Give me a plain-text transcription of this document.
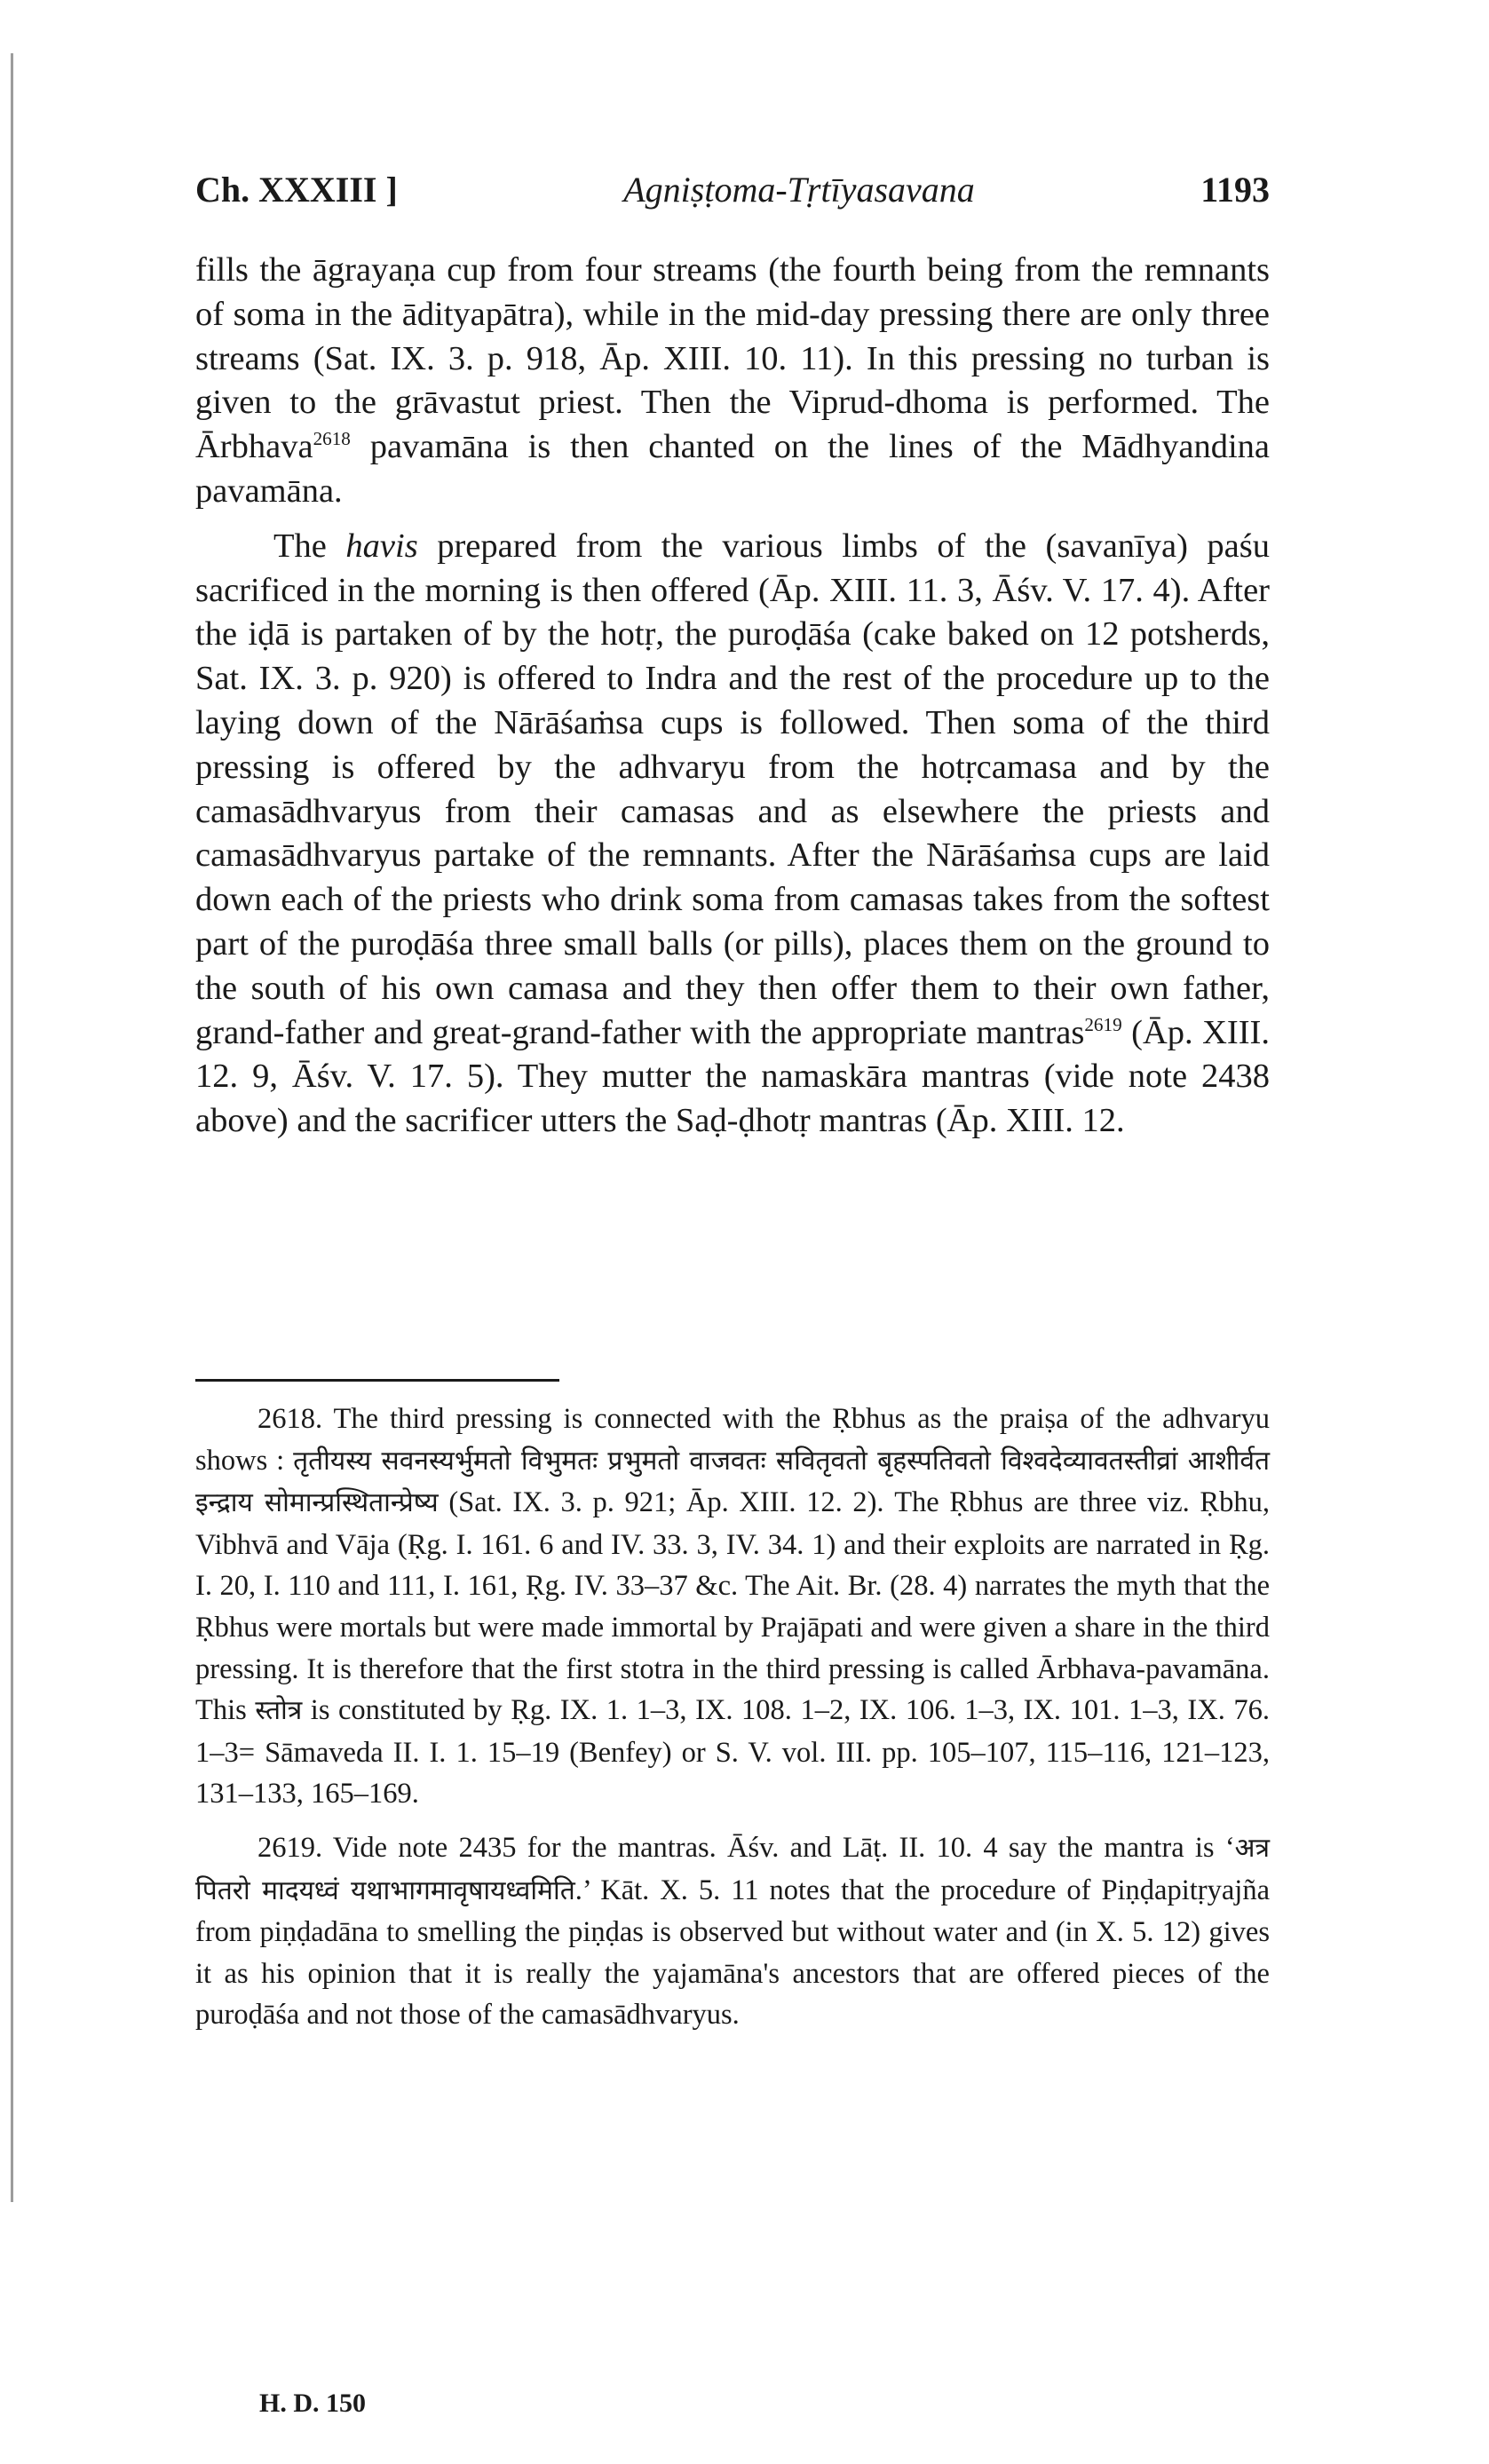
Ch. XXXIII ]	Agniṣṭoma-Tṛtīyasavana	1193

fills the āgrayaṇa cup from four streams (the fourth being from the remnants of soma in the ādityapātra), while in the mid-day pressing there are only three streams (Sat. IX. 3. p. 918, Āp. XIII. 10. 11). In this pressing no turban is given to the grāvastut priest. Then the Viprud-dhoma is performed. The Ārbhava$^{2618}$ pavamāna is then chanted on the lines of the Mādhyandina pavamāna.

The havis prepared from the various limbs of the (savanīya) paśu sacrificed in the morning is then offered (Āp. XIII. 11. 3, Āśv. V. 17. 4). After the iḍā is partaken of by the hotṛ, the puroḍāśa (cake baked on 12 potsherds, Sat. IX. 3. p. 920) is offered to Indra and the rest of the procedure up to the laying down of the Nārāśaṁsa cups is followed. Then soma of the third pressing is offered by the adhvaryu from the hotṛcamasa and by the camasādhvaryus from their camasas and as elsewhere the priests and camasādhvaryus partake of the remnants. After the Nārāśaṁsa cups are laid down each of the priests who drink soma from camasas takes from the softest part of the puroḍāśa three small balls (or pills), places them on the ground to the south of his own camasa and they then offer them to their own father, grand-father and great-grand-father with the appropriate mantras$^{2619}$ (Āp. XIII. 12. 9, Āśv. V. 17. 5). They mutter the namaskāra mantras (vide note 2438 above) and the sacrificer utters the Saḍ-ḍhotṛ mantras (Āp. XIII. 12.

2618. The third pressing is connected with the Ṛbhus as the praiṣa of the adhvaryu shows : तृतीयस्य सवनस्यर्भुमतो विभुमतः प्रभुमतो वाजवतः सवितृवतो बृहस्पतिवतो विश्वदेव्यावतस्तीव्रां आशीर्वत इन्द्राय सोमान्प्रस्थितान्प्रेष्य (Sat. IX. 3. p. 921; Āp. XIII. 12. 2). The Ṛbhus are three viz. Ṛbhu, Vibhvā and Vāja (Ṛg. I. 161. 6 and IV. 33. 3, IV. 34. 1) and their exploits are narrated in Ṛg. I. 20, I. 110 and 111, I. 161, Ṛg. IV. 33–37 &c. The Ait. Br. (28. 4) narrates the myth that the Ṛbhus were mortals but were made immortal by Prajāpati and were given a share in the third pressing. It is therefore that the first stotra in the third pressing is called Ārbhava-pavamāna. This स्तोत्र is constituted by Ṛg. IX. 1. 1–3, IX. 108. 1–2, IX. 106. 1–3, IX. 101. 1–3, IX. 76. 1–3= Sāmaveda II. I. 1. 15–19 (Benfey) or S. V. vol. III. pp. 105–107, 115–116, 121–123, 131–133, 165–169.

2619. Vide note 2435 for the mantras. Āśv. and Lāṭ. II. 10. 4 say the mantra is ‘अत्र पितरो मादयध्वं यथाभागमावृषायध्वमिति.’ Kāt. X. 5. 11 notes that the procedure of Piṇḍapitṛyajña from piṇḍadāna to smelling the piṇḍas is observed but without water and (in X. 5. 12) gives it as his opinion that it is really the yajamāna's ancestors that are offered pieces of the puroḍāśa and not those of the camasādhvaryus.

H. D. 150
